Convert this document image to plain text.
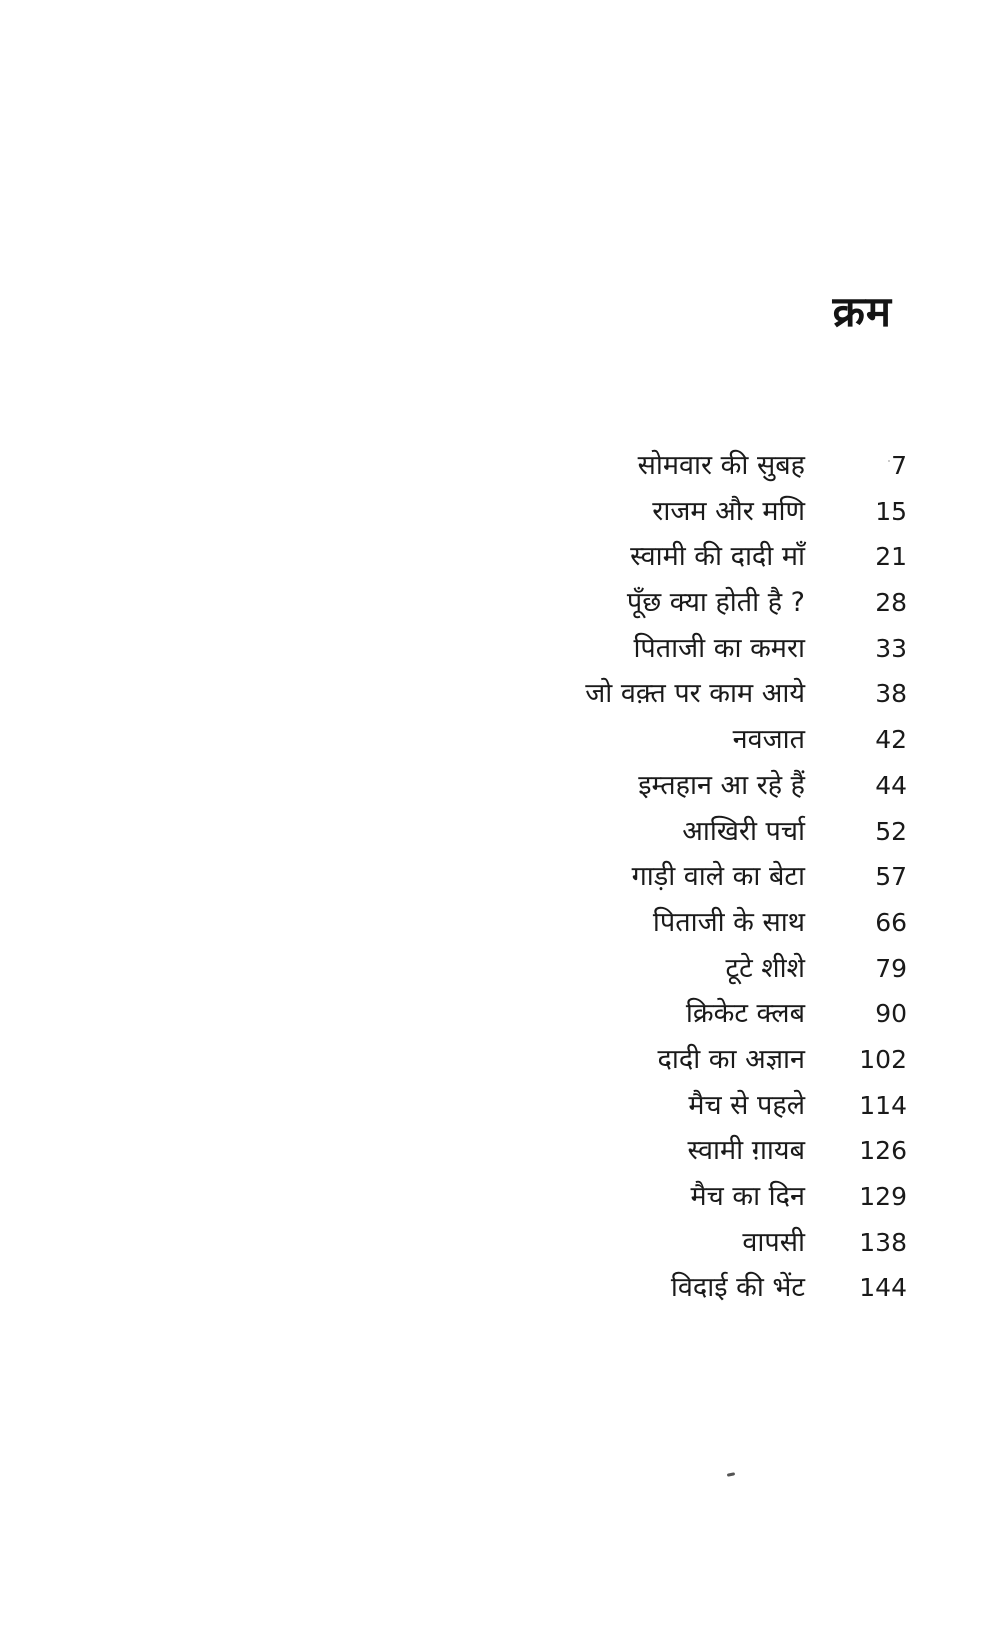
क्रम
सोमवार की सुबह	7
राजम और मणि	15
स्वामी की दादी माँ	21
पूँछ क्या होती है ?	28
पिताजी का कमरा	33
जो वक़्त पर काम आये	38
नवजात	42
इम्तहान आ रहे हैं	44
आखिरी पर्चा	52
गाड़ी वाले का बेटा	57
पिताजी के साथ	66
टूटे शीशे	79
क्रिकेट क्लब	90
दादी का अज्ञान	102
मैच से पहले	114
स्वामी ग़ायब	126
मैच का दिन	129
वापसी	138
विदाई की भेंट	144
